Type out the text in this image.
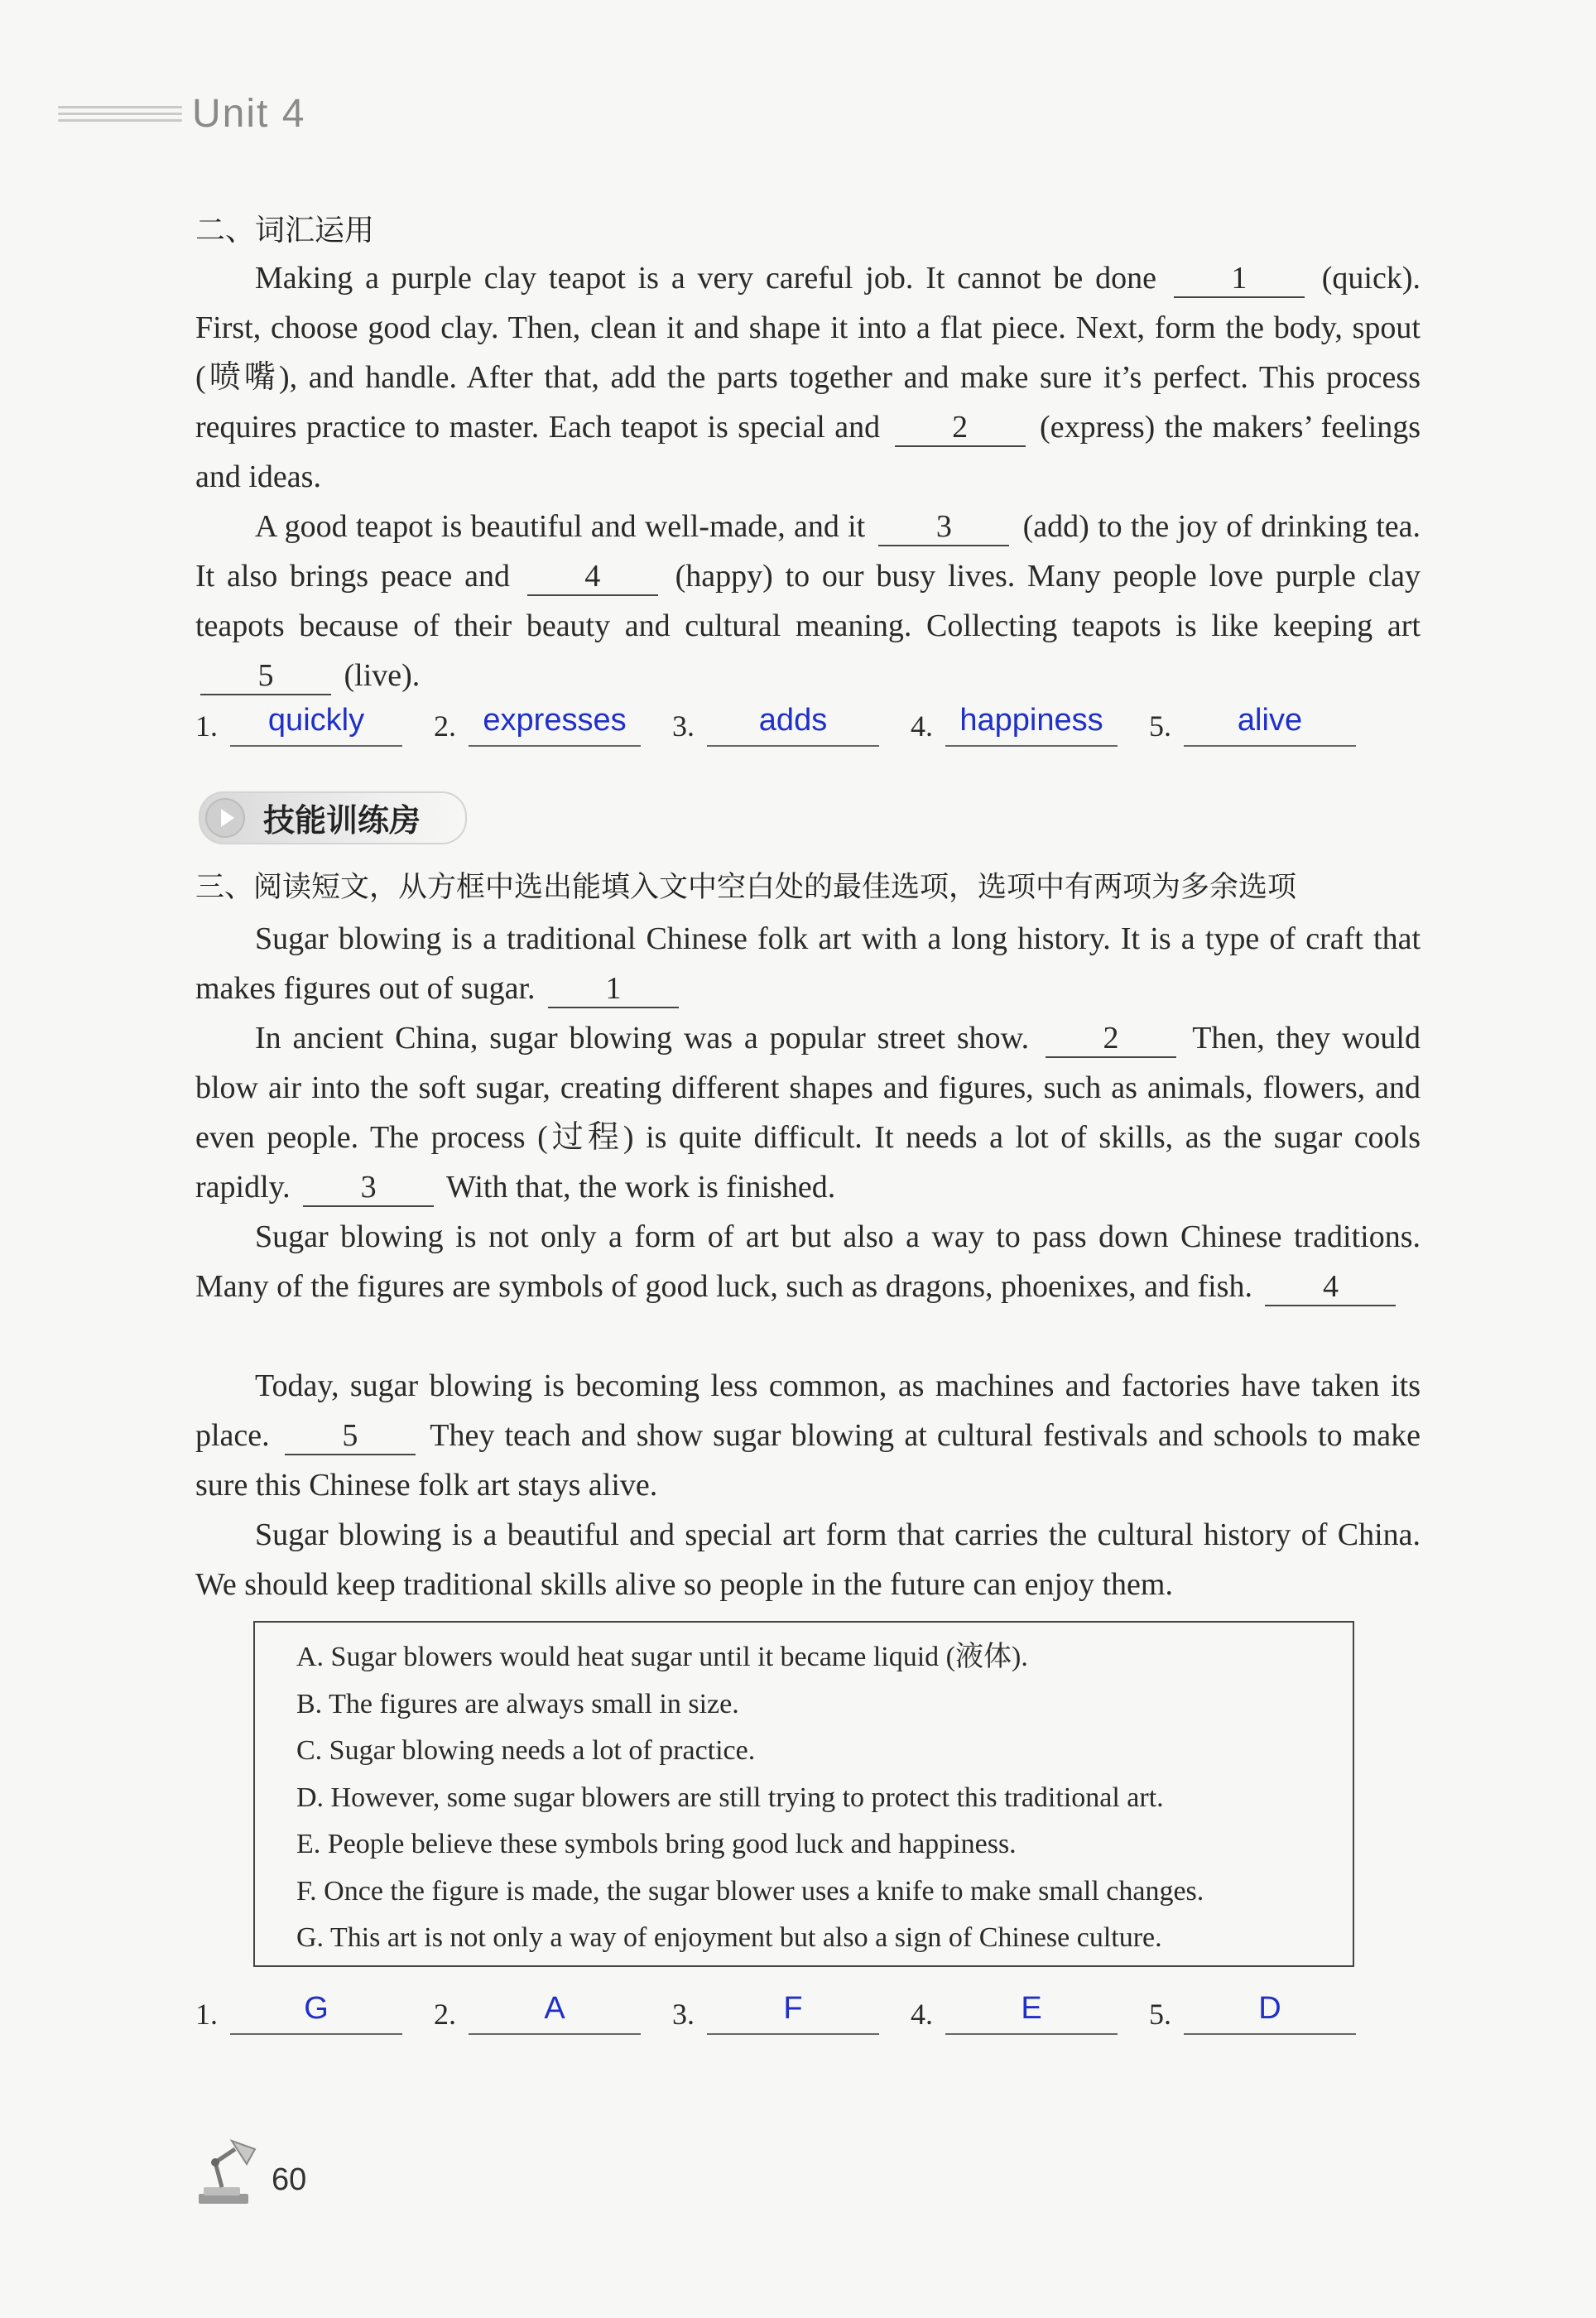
Unit 4
二、词汇运用

Making a purple clay teapot is a very careful job. It cannot be done 1 (quick). First, choose good clay. Then, clean it and shape it into a flat piece. Next, form the body, spout (喷嘴), and handle. After that, add the parts together and make sure it’s perfect. This process requires practice to master. Each teapot is special and 2 (express) the makers’ feelings and ideas.

A good teapot is beautiful and well-made, and it 3 (add) to the joy of drinking tea. It also brings peace and 4 (happy) to our busy lives. Many people love purple clay teapots because of their beauty and cultural meaning. Collecting teapots is like keeping art 5 (live).

1.	quickly	2. expresses	3.	adds	4. happiness	5.	alive
技能训练房
三、阅读短文，从方框中选出能填入文中空白处的最佳选项，选项中有两项为多余选项

Sugar blowing is a traditional Chinese folk art with a long history. It is a type of craft that makes figures out of sugar. 1

In ancient China, sugar blowing was a popular street show. 2 Then, they would blow air into the soft sugar, creating different shapes and figures, such as animals, flowers, and even people. The process (过程) is quite difficult. It needs a lot of skills, as the sugar cools rapidly. 3 With that, the work is finished.

Sugar blowing is not only a form of art but also a way to pass down Chinese traditions. Many of the figures are symbols of good luck, such as dragons, phoenixes, and fish. 4

Today, sugar blowing is becoming less common, as machines and factories have taken its place. 5 They teach and show sugar blowing at cultural festivals and schools to make sure this Chinese folk art stays alive.

Sugar blowing is a beautiful and special art form that carries the cultural history of China. We should keep traditional skills alive so people in the future can enjoy them.

A. Sugar blowers would heat sugar until it became liquid (液体).
B. The figures are always small in size.
C. Sugar blowing needs a lot of practice.
D. However, some sugar blowers are still trying to protect this traditional art.
E. People believe these symbols bring good luck and happiness.
F. Once the figure is made, the sugar blower uses a knife to make small changes.
G. This art is not only a way of enjoyment but also a sign of Chinese culture.
1.	G	2.	A	3.	F	4.	E	5.	D
60
